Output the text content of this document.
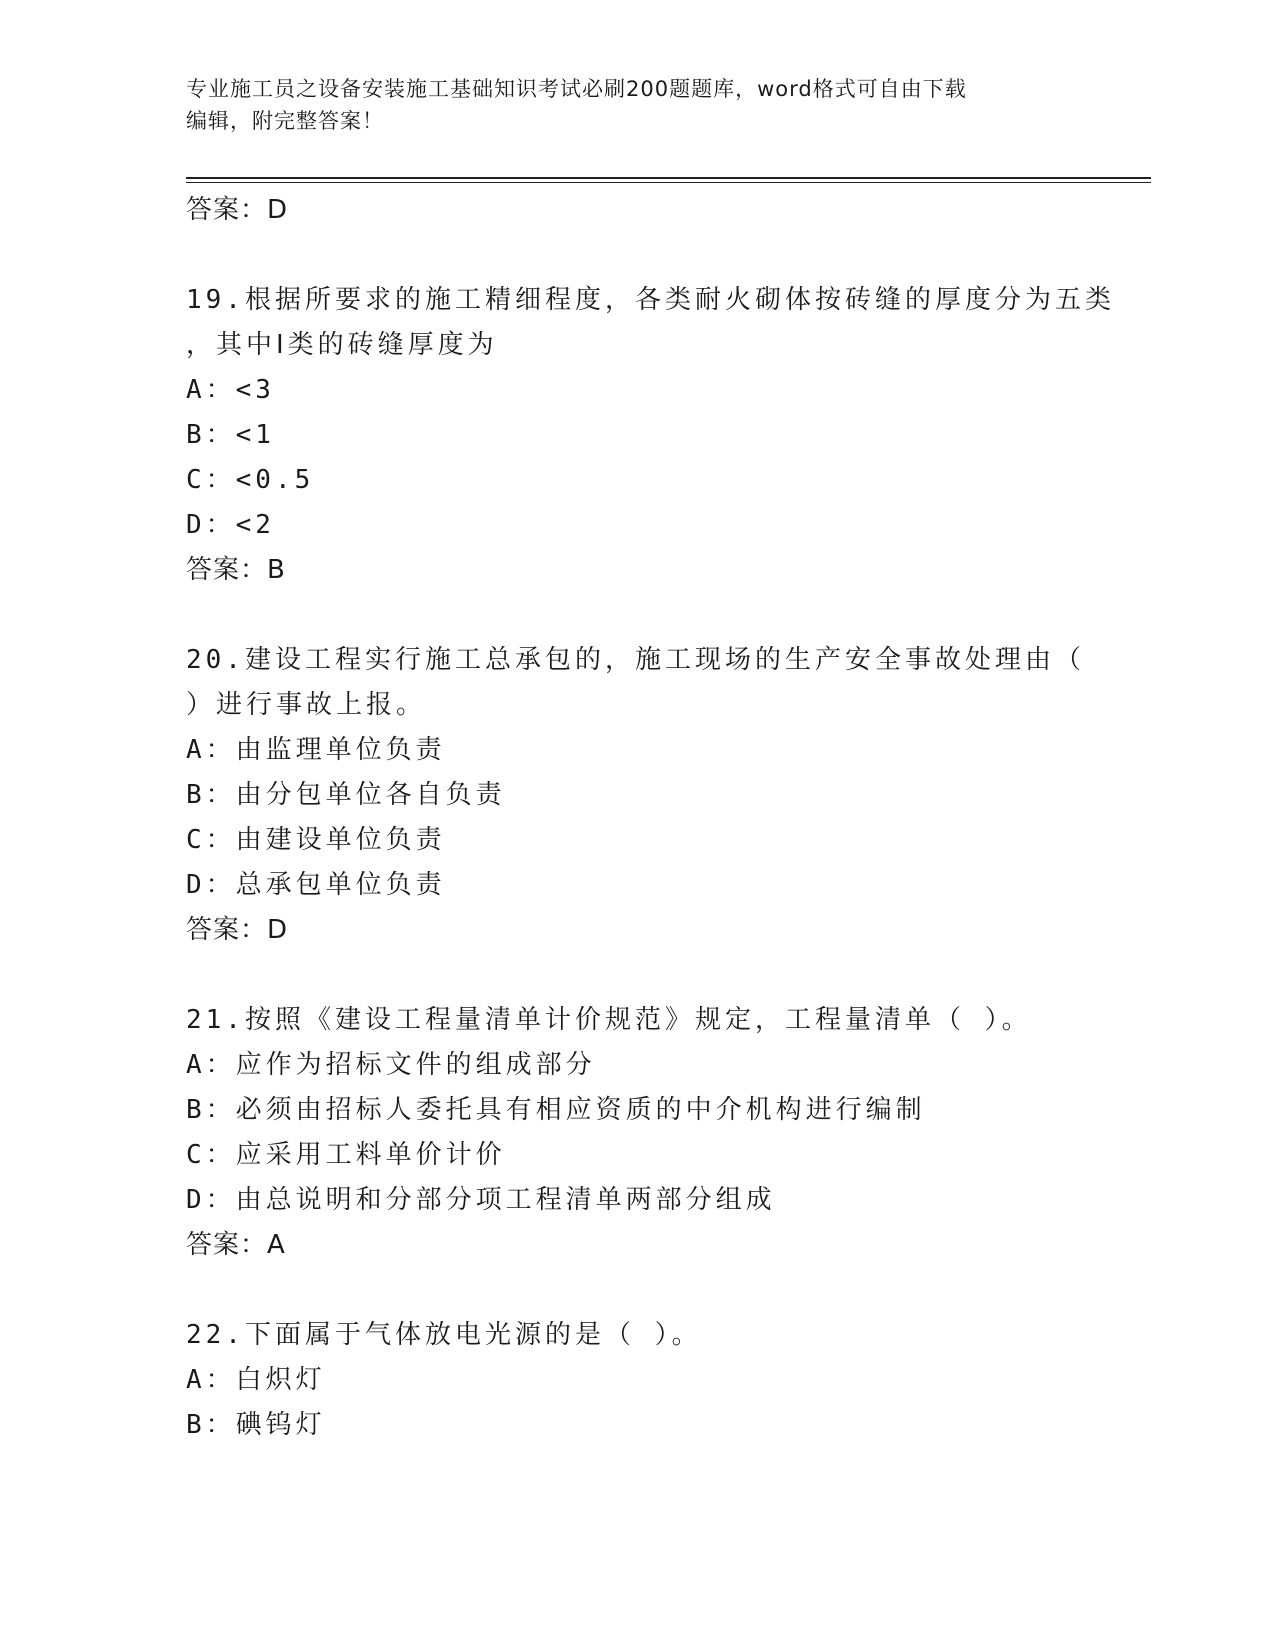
专业施工员之设备安装施工基础知识考试必刷200题题库，word格式可自由下载
编辑，附完整答案！
答案：D
19.根据所要求的施工精细程度，各类耐火砌体按砖缝的厚度分为五类
，其中Ⅰ类的砖缝厚度为
A：<3
B：<1
C：<0.5
D：<2
答案：B
20.建设工程实行施工总承包的，施工现场的生产安全事故处理由（
）进行事故上报。
A：由监理单位负责
B：由分包单位各自负责
C：由建设单位负责
D：总承包单位负责
答案：D
21.按照《建设工程量清单计价规范》规定，工程量清单（ ）。
A：应作为招标文件的组成部分
B：必须由招标人委托具有相应资质的中介机构进行编制
C：应采用工料单价计价
D：由总说明和分部分项工程清单两部分组成
答案：A
22.下面属于气体放电光源的是（ ）。
A：白炽灯
B：碘钨灯
